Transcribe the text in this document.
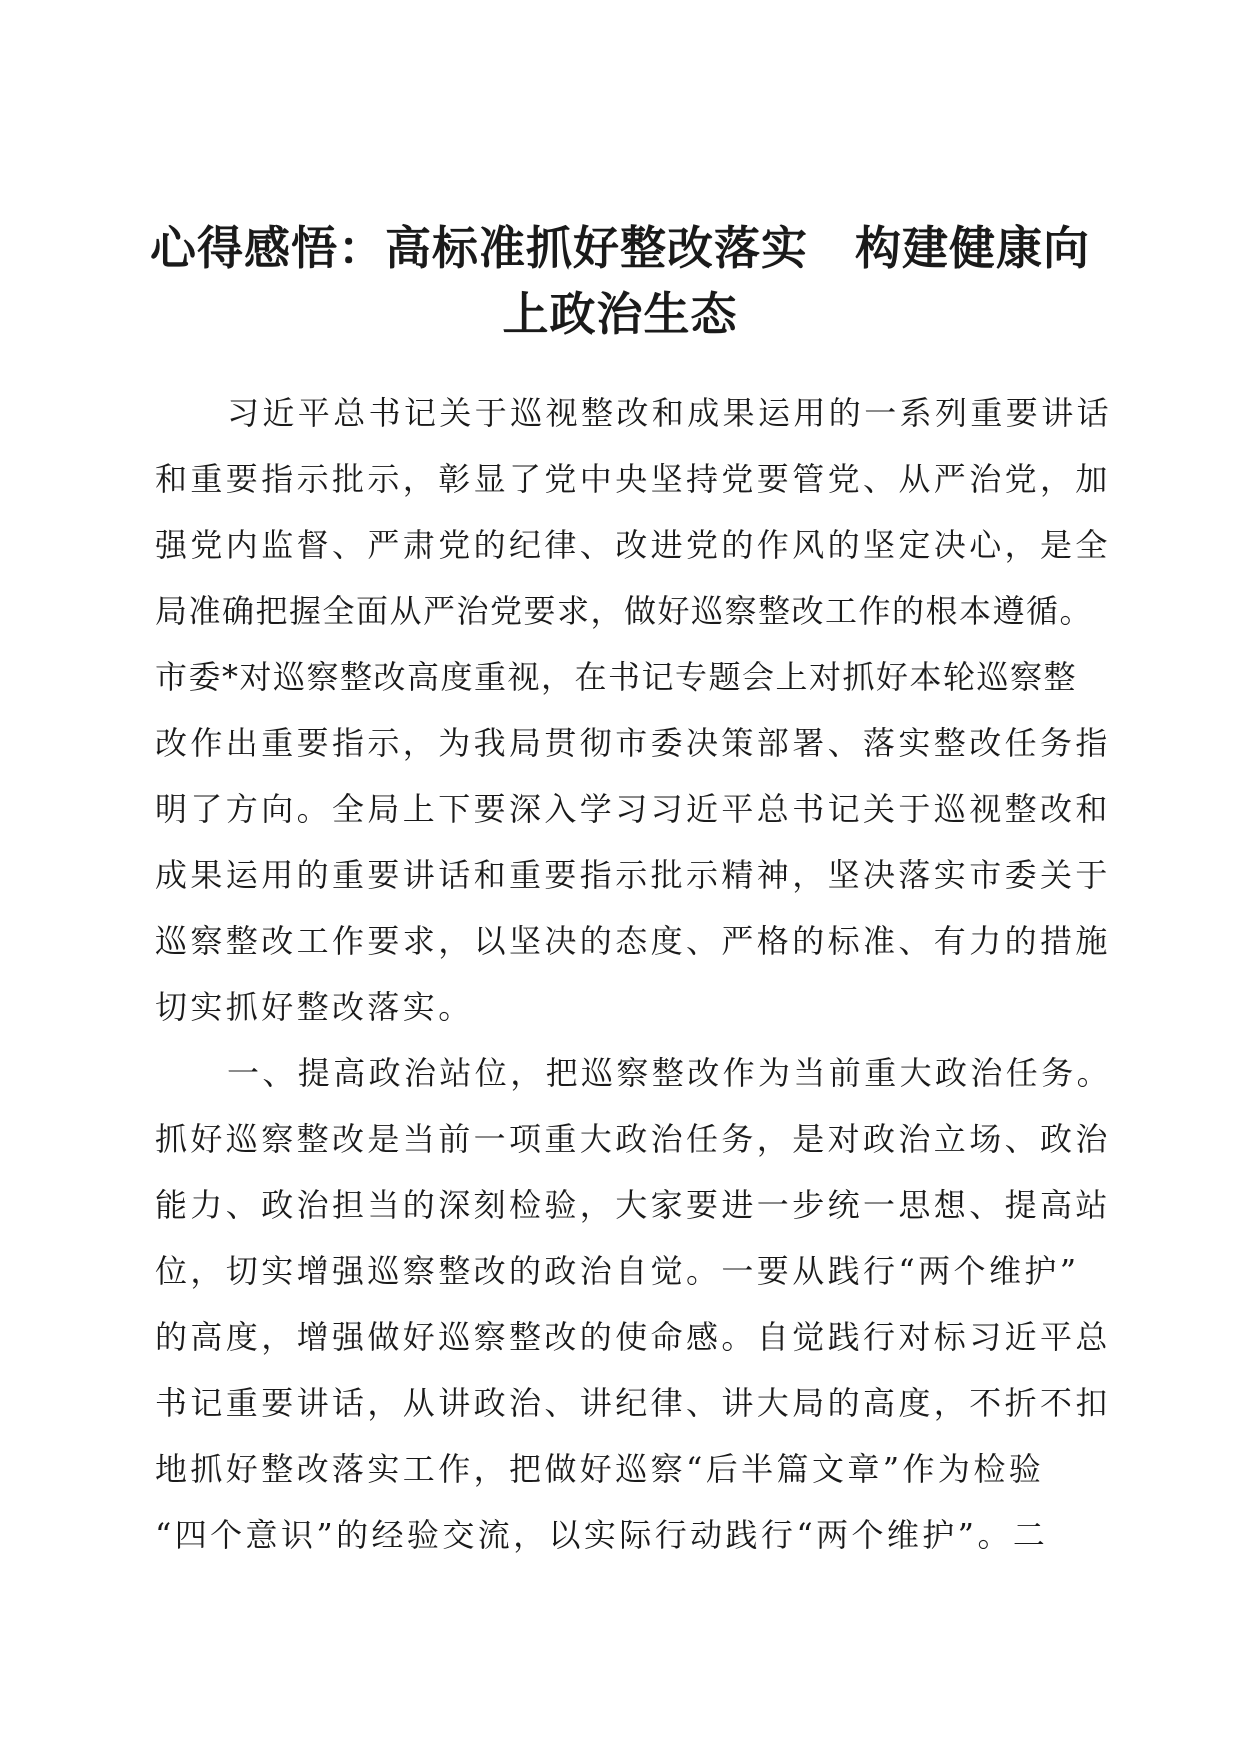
心得感悟：高标准抓好整改落实　构建健康向
上政治生态
习近平总书记关于巡视整改和成果运用的一系列重要讲话
和重要指示批示，彰显了党中央坚持党要管党、从严治党，加
强党内监督、严肃党的纪律、改进党的作风的坚定决心，是全
局准确把握全面从严治党要求，做好巡察整改工作的根本遵循。
市委*对巡察整改高度重视，在书记专题会上对抓好本轮巡察整
改作出重要指示，为我局贯彻市委决策部署、落实整改任务指
明了方向。全局上下要深入学习习近平总书记关于巡视整改和
成果运用的重要讲话和重要指示批示精神，坚决落实市委关于
巡察整改工作要求，以坚决的态度、严格的标准、有力的措施
切实抓好整改落实。
一、提高政治站位，把巡察整改作为当前重大政治任务。
抓好巡察整改是当前一项重大政治任务，是对政治立场、政治
能力、政治担当的深刻检验，大家要进一步统一思想、提高站
位，切实增强巡察整改的政治自觉。一要从践行“两个维护”
的高度，增强做好巡察整改的使命感。自觉践行对标习近平总
书记重要讲话，从讲政治、讲纪律、讲大局的高度，不折不扣
地抓好整改落实工作，把做好巡察“后半篇文章”作为检验
“四个意识”的经验交流，以实际行动践行“两个维护”。二
